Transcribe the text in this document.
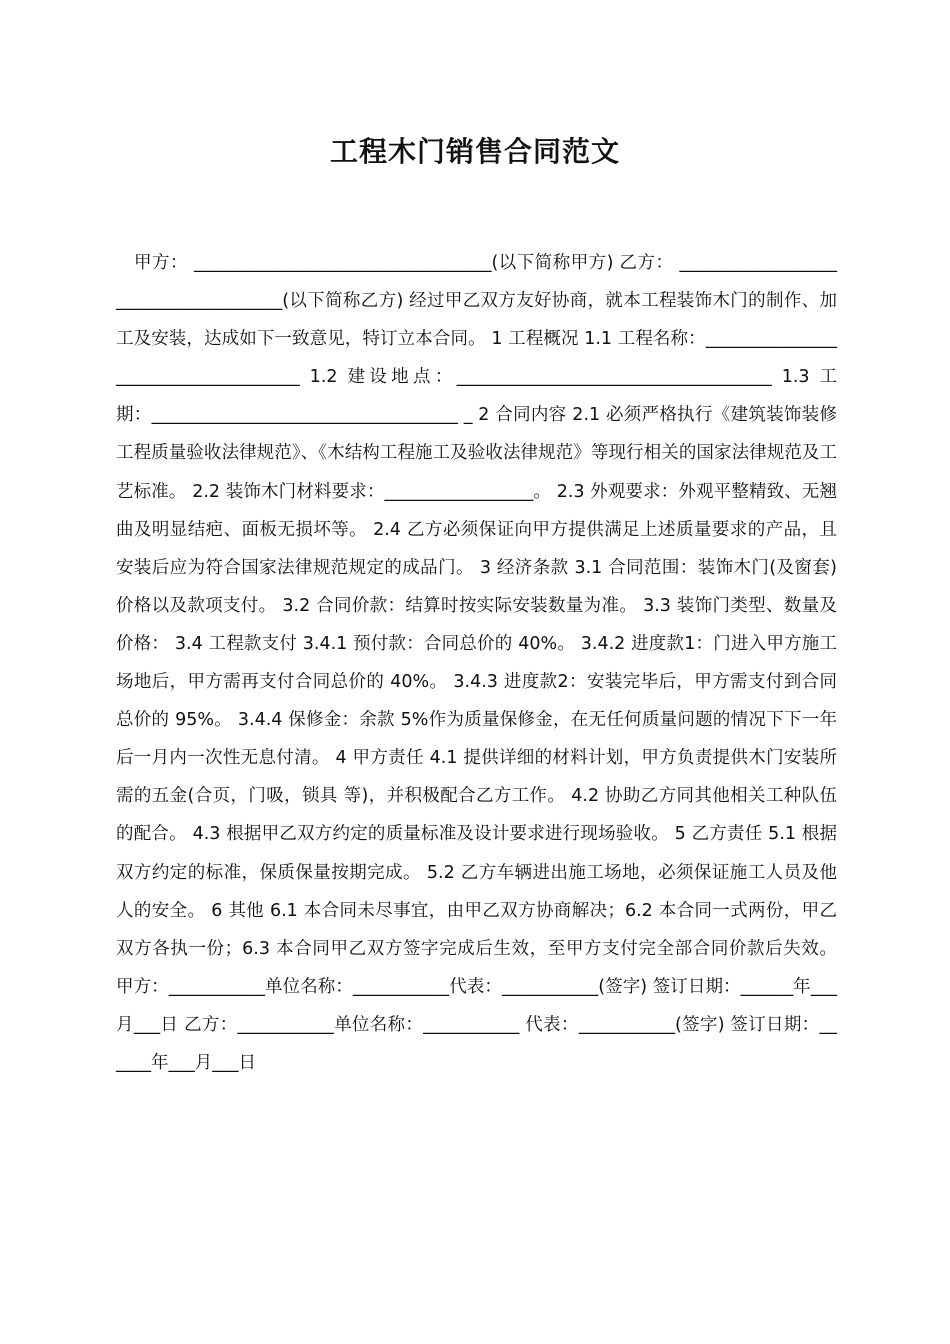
工程木门销售合同范文
甲方： __________________________________(以下简称甲方) 乙方： _____________________________________(以下简称乙方) 经过甲乙双方友好协商，就本工程装饰木门的制作、加工及安装，达成如下一致意见，特订立本合同。 1 工程概况 1.1 工程名称：____________________________________ 1.2 建设地点：____________________________________ 1.3 工 期：___________________________________ _ 2 合同内容 2.1 必须严格执行《建筑装饰装修工程质量验收法律规范》、《木结构工程施工及验收法律规范》等现行相关的国家法律规范及工艺标准。 2.2 装饰木门材料要求：_________________。 2.3 外观要求：外观平整精致、无翘曲及明显结疤、面板无损坏等。 2.4 乙方必须保证向甲方提供满足上述质量要求的产品，且安装后应为符合国家法律规范规定的成品门。 3 经济条款 3.1 合同范围：装饰木门(及窗套)价格以及款项支付。 3.2 合同价款：结算时按实际安装数量为准。 3.3 装饰门类型、数量及价格： 3.4 工程款支付 3.4.1 预付款：合同总价的 40%。 3.4.2 进度款1：门进入甲方施工场地后，甲方需再支付合同总价的 40%。 3.4.3 进度款2：安装完毕后，甲方需支付到合同总价的 95%。 3.4.4 保修金：余款 5%作为质量保修金，在无任何质量问题的情况下下一年后一月内一次性无息付清。 4 甲方责任 4.1 提供详细的材料计划，甲方负责提供木门安装所需的五金(合页，门吸，锁具 等)，并积极配合乙方工作。 4.2 协助乙方同其他相关工种队伍的配合。 4.3 根据甲乙双方约定的质量标准及设计要求进行现场验收。 5 乙方责任 5.1 根据双方约定的标准，保质保量按期完成。 5.2 乙方车辆进出施工场地，必须保证施工人员及他人的安全。 6 其他 6.1 本合同未尽事宜，由甲乙双方协商解决；6.2 本合同一式两份，甲乙双方各执一份；6.3 本合同甲乙双方签字完成后生效，至甲方支付完全部合同价款后失效。 甲方：___________单位名称：___________代表：___________(签字) 签订日期：______年___月___日 乙方：___________单位名称：___________ 代表：___________(签字) 签订日期：______年___月___日
